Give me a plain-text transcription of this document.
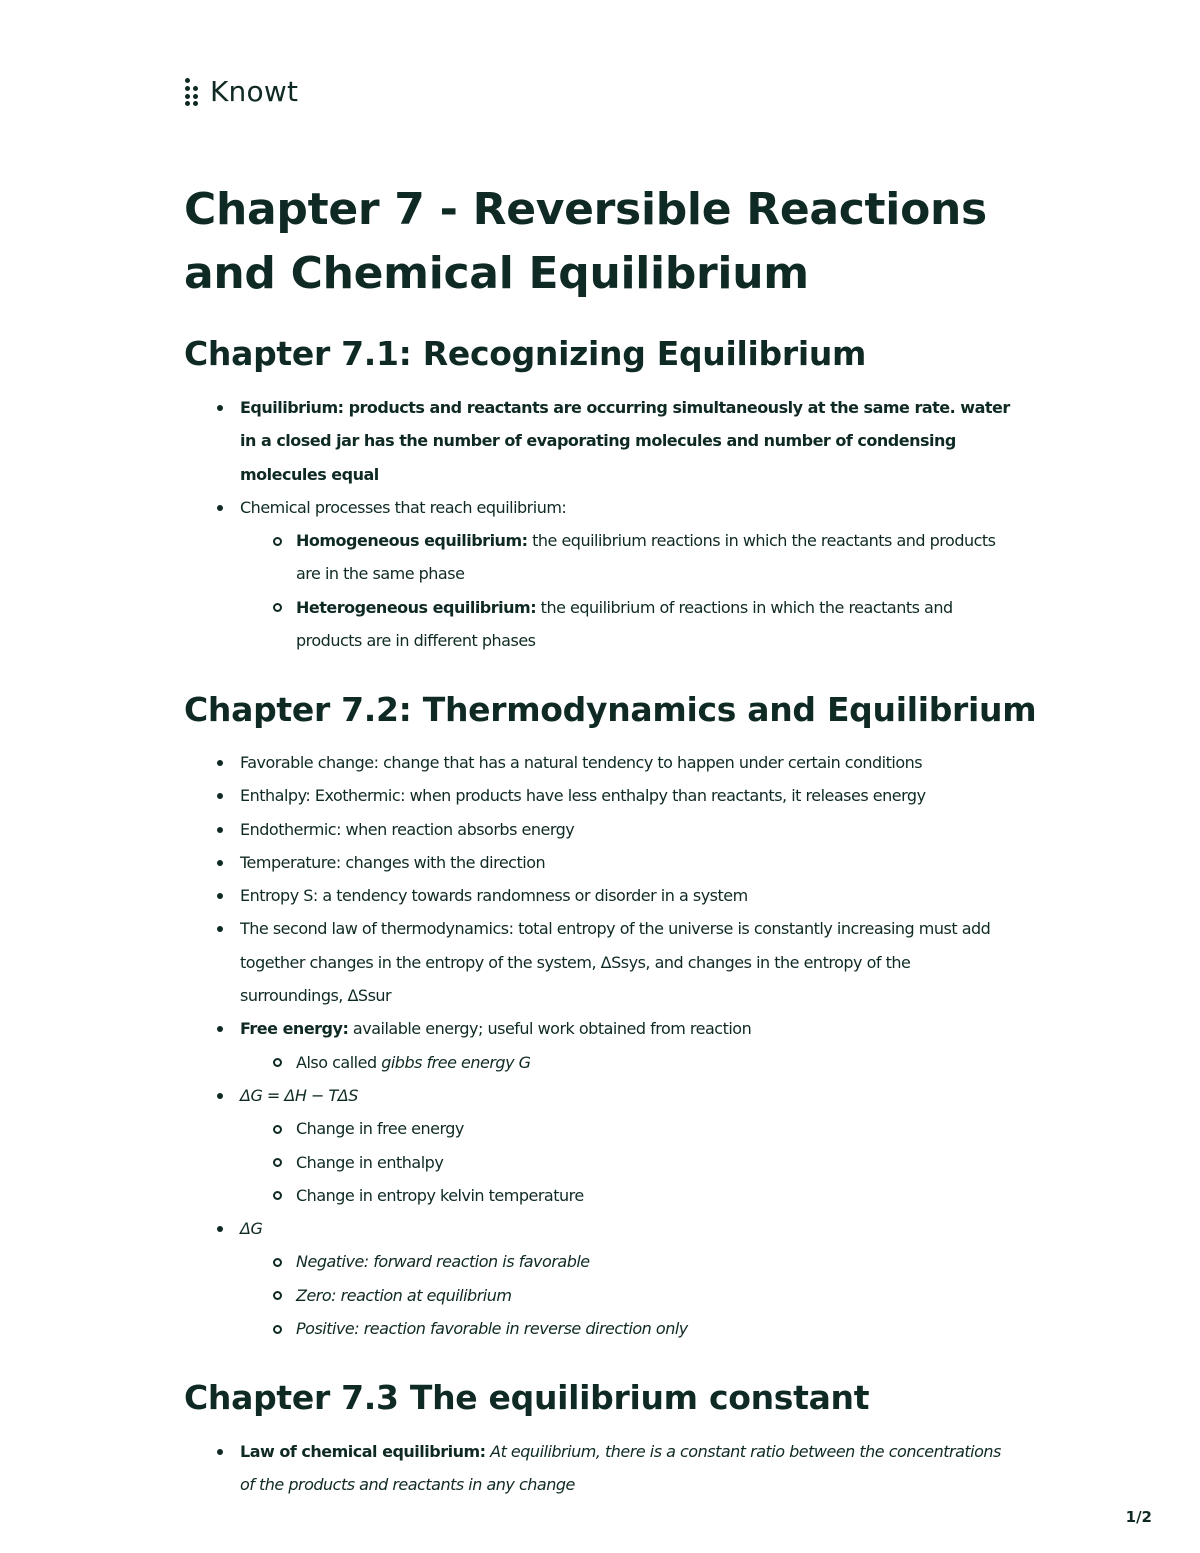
Knowt
Chapter 7 - Reversible Reactions and Chemical Equilibrium
Chapter 7.1: Recognizing Equilibrium
Equilibrium: products and reactants are occurring simultaneously at the same rate. water in a closed jar has the number of evaporating molecules and number of condensing molecules equal
Chemical processes that reach equilibrium:
Homogeneous equilibrium: the equilibrium reactions in which the reactants and products are in the same phase
Heterogeneous equilibrium: the equilibrium of reactions in which the reactants and products are in different phases
Chapter 7.2: Thermodynamics and Equilibrium
Favorable change: change that has a natural tendency to happen under certain conditions
Enthalpy: Exothermic: when products have less enthalpy than reactants, it releases energy
Endothermic: when reaction absorbs energy
Temperature: changes with the direction
Entropy S: a tendency towards randomness or disorder in a system
The second law of thermodynamics: total entropy of the universe is constantly increasing must add together changes in the entropy of the system, ΔSsys, and changes in the entropy of the surroundings, ΔSsur
Free energy: available energy; useful work obtained from reaction
Also called gibbs free energy G
ΔG = ΔH − TΔS
Change in free energy
Change in enthalpy
Change in entropy kelvin temperature
ΔG
Negative: forward reaction is favorable
Zero: reaction at equilibrium
Positive: reaction favorable in reverse direction only
Chapter 7.3 The equilibrium constant
Law of chemical equilibrium: At equilibrium, there is a constant ratio between the concentrations of the products and reactants in any change
1/2
